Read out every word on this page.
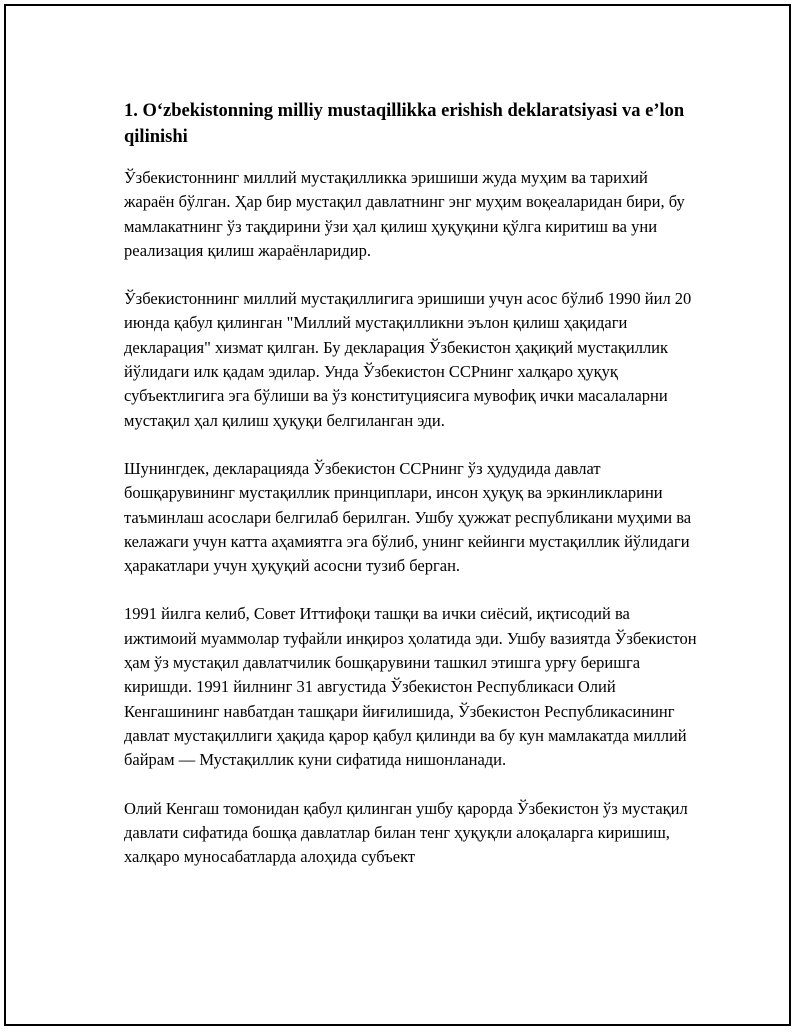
1. O‘zbekistonning milliy mustaqillikka erishish deklaratsiyasi va e’lon qilinishi

Ўзбекистоннинг миллий мустақилликка эришиши жуда муҳим ва тарихий жараён бўлган. Ҳар бир мустақил давлатнинг энг муҳим воқеаларидан бири, бу мамлакатнинг ўз тақдирини ўзи ҳал қилиш ҳуқуқини қўлга киритиш ва уни реализация қилиш жараёнларидир.

Ўзбекистоннинг миллий мустақиллигига эришиши учун асос бўлиб 1990 йил 20 июнда қабул қилинган "Миллий мустақилликни эълон қилиш ҳақидаги декларация" хизмат қилган. Бу декларация Ўзбекистон ҳақиқий мустақиллик йўлидаги илк қадам эдилар. Унда Ўзбекистон ССРнинг халқаро ҳуқуқ субъектлигига эга бўлиши ва ўз конституциясига мувофиқ ички масалаларни мустақил ҳал қилиш ҳуқуқи белгиланган эди.

Шунингдек, декларацияда Ўзбекистон ССРнинг ўз ҳудудида давлат бошқарувининг мустақиллик принциплари, инсон ҳуқуқ ва эркинликларини таъминлаш асослари белгилаб берилган. Ушбу ҳужжат республикани муҳими ва келажаги учун катта аҳамиятга эга бўлиб, унинг кейинги мустақиллик йўлидаги ҳаракатлари учун ҳуқуқий асосни тузиб берган.

1991 йилга келиб, Совет Иттифоқи ташқи ва ички сиёсий, иқтисодий ва ижтимоий муаммолар туфайли инқироз ҳолатида эди. Ушбу вазиятда Ўзбекистон ҳам ўз мустақил давлатчилик бошқарувини ташкил этишга урғу беришга киришди. 1991 йилнинг 31 августида Ўзбекистон Республикаси Олий Кенгашининг навбатдан ташқари йиғилишида, Ўзбекистон Республикасининг давлат мустақиллиги ҳақида қарор қабул қилинди ва бу кун мамлакатда миллий байрам — Мустақиллик куни сифатида нишонланади.

Олий Кенгаш томонидан қабул қилинган ушбу қарорда Ўзбекистон ўз мустақил давлати сифатида бошқа давлатлар билан тенг ҳуқуқли алоқаларга киришиш, халқаро муносабатларда алоҳида субъект
